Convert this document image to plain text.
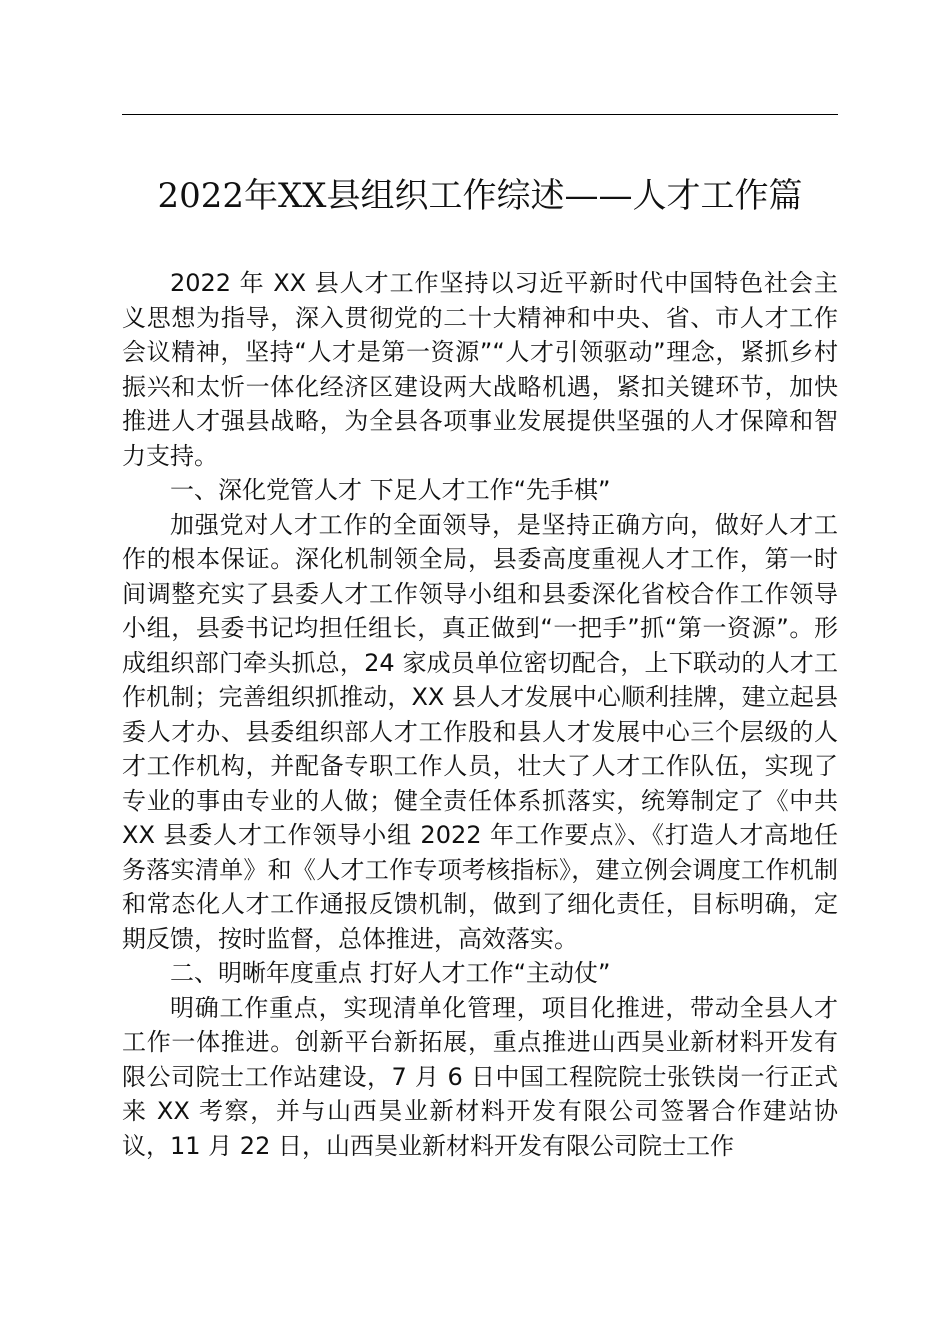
2022年XX县组织工作综述——人才工作篇

2022 年 XX 县人才工作坚持以习近平新时代中国特色社会主义思想为指导，深入贯彻党的二十大精神和中央、省、市人才工作会议精神，坚持“人才是第一资源”“人才引领驱动”理念，紧抓乡村振兴和太忻一体化经济区建设两大战略机遇，紧扣关键环节，加快推进人才强县战略，为全县各项事业发展提供坚强的人才保障和智力支持。

一、深化党管人才 下足人才工作“先手棋”

加强党对人才工作的全面领导，是坚持正确方向，做好人才工作的根本保证。深化机制领全局，县委高度重视人才工作，第一时间调整充实了县委人才工作领导小组和县委深化省校合作工作领导小组，县委书记均担任组长，真正做到“一把手”抓“第一资源”。形成组织部门牵头抓总，24 家成员单位密切配合，上下联动的人才工作机制；完善组织抓推动，XX 县人才发展中心顺利挂牌，建立起县委人才办、县委组织部人才工作股和县人才发展中心三个层级的人才工作机构，并配备专职工作人员，壮大了人才工作队伍，实现了专业的事由专业的人做；健全责任体系抓落实，统筹制定了《中共 XX 县委人才工作领导小组 2022 年工作要点》、《打造人才高地任务落实清单》和《人才工作专项考核指标》，建立例会调度工作机制和常态化人才工作通报反馈机制，做到了细化责任，目标明确，定期反馈，按时监督，总体推进，高效落实。

二、明晰年度重点 打好人才工作“主动仗”

明确工作重点，实现清单化管理，项目化推进，带动全县人才工作一体推进。创新平台新拓展，重点推进山西昊业新材料开发有限公司院士工作站建设，7 月 6 日中国工程院院士张铁岗一行正式来 XX 考察，并与山西昊业新材料开发有限公司签署合作建站协议，11 月 22 日，山西昊业新材料开发有限公司院士工作
